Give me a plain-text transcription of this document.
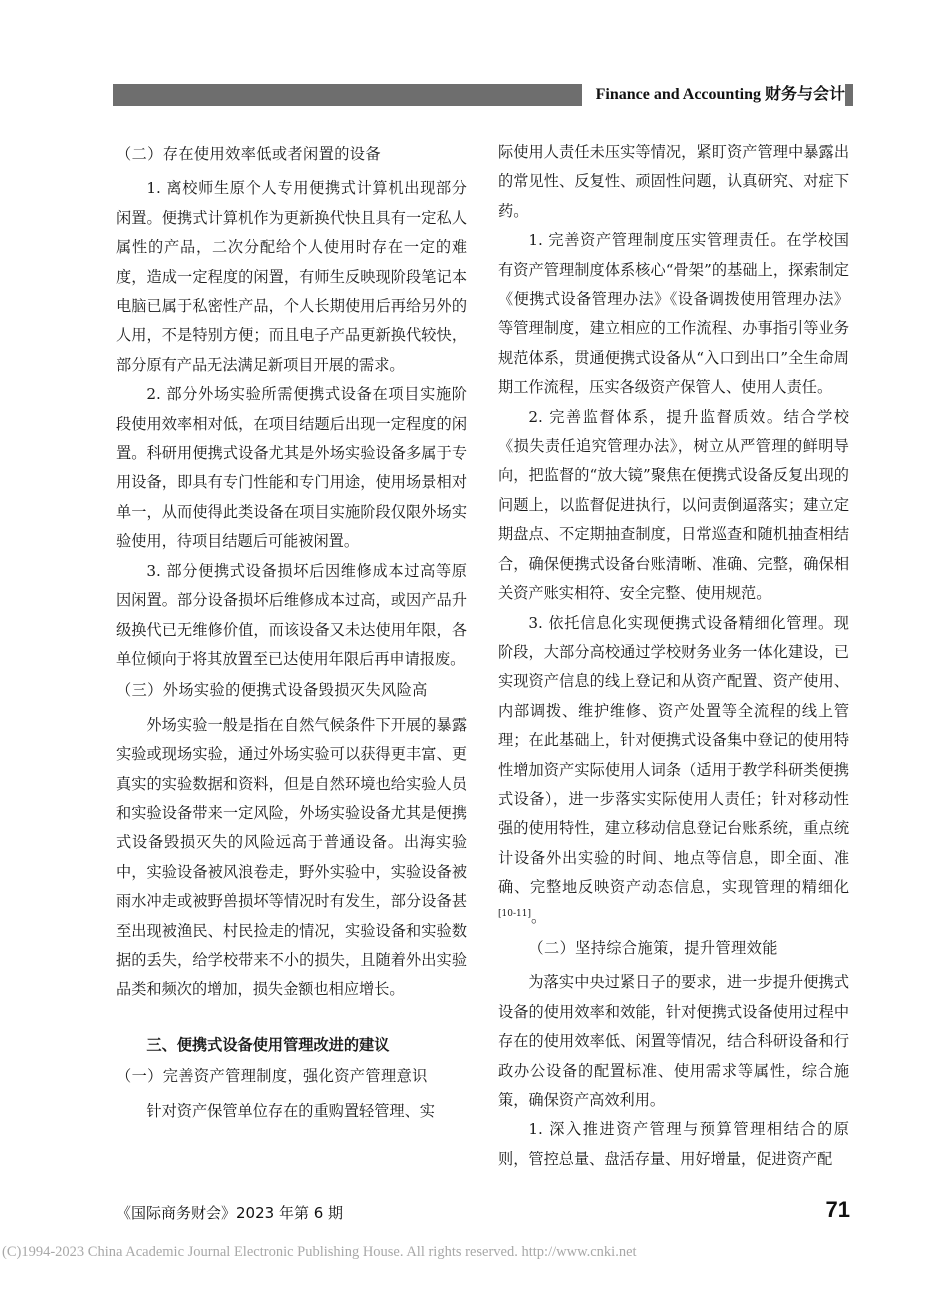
Finance and Accounting 财务与会计

（二）存在使用效率低或者闲置的设备

1. 离校师生原个人专用便携式计算机出现部分闲置。便携式计算机作为更新换代快且具有一定私人属性的产品，二次分配给个人使用时存在一定的难度，造成一定程度的闲置，有师生反映现阶段笔记本电脑已属于私密性产品，个人长期使用后再给另外的人用，不是特别方便；而且电子产品更新换代较快，部分原有产品无法满足新项目开展的需求。

2. 部分外场实验所需便携式设备在项目实施阶段使用效率相对低，在项目结题后出现一定程度的闲置。科研用便携式设备尤其是外场实验设备多属于专用设备，即具有专门性能和专门用途，使用场景相对单一，从而使得此类设备在项目实施阶段仅限外场实验使用，待项目结题后可能被闲置。

3. 部分便携式设备损坏后因维修成本过高等原因闲置。部分设备损坏后维修成本过高，或因产品升级换代已无维修价值，而该设备又未达使用年限，各单位倾向于将其放置至已达使用年限后再申请报废。

（三）外场实验的便携式设备毁损灭失风险高

外场实验一般是指在自然气候条件下开展的暴露实验或现场实验，通过外场实验可以获得更丰富、更真实的实验数据和资料，但是自然环境也给实验人员和实验设备带来一定风险，外场实验设备尤其是便携式设备毁损灭失的风险远高于普通设备。出海实验中，实验设备被风浪卷走，野外实验中，实验设备被雨水冲走或被野兽损坏等情况时有发生，部分设备甚至出现被渔民、村民捡走的情况，实验设备和实验数据的丢失，给学校带来不小的损失，且随着外出实验品类和频次的增加，损失金额也相应增长。

三、便携式设备使用管理改进的建议

（一）完善资产管理制度，强化资产管理意识

针对资产保管单位存在的重购置轻管理、实

际使用人责任未压实等情况，紧盯资产管理中暴露出的常见性、反复性、顽固性问题，认真研究、对症下药。

1. 完善资产管理制度压实管理责任。在学校国有资产管理制度体系核心“骨架”的基础上，探索制定《便携式设备管理办法》《设备调拨使用管理办法》等管理制度，建立相应的工作流程、办事指引等业务规范体系，贯通便携式设备从“入口到出口”全生命周期工作流程，压实各级资产保管人、使用人责任。

2. 完善监督体系，提升监督质效。结合学校《损失责任追究管理办法》，树立从严管理的鲜明导向，把监督的“放大镜”聚焦在便携式设备反复出现的问题上，以监督促进执行，以问责倒逼落实；建立定期盘点、不定期抽查制度，日常巡查和随机抽查相结合，确保便携式设备台账清晰、准确、完整，确保相关资产账实相符、安全完整、使用规范。

3. 依托信息化实现便携式设备精细化管理。现阶段，大部分高校通过学校财务业务一体化建设，已实现资产信息的线上登记和从资产配置、资产使用、内部调拨、维护维修、资产处置等全流程的线上管理；在此基础上，针对便携式设备集中登记的使用特性增加资产实际使用人词条（适用于教学科研类便携式设备），进一步落实实际使用人责任；针对移动性强的使用特性，建立移动信息登记台账系统，重点统计设备外出实验的时间、地点等信息，即全面、准确、完整地反映资产动态信息，实现管理的精细化[10-11]。

（二）坚持综合施策，提升管理效能

为落实中央过紧日子的要求，进一步提升便携式设备的使用效率和效能，针对便携式设备使用过程中存在的使用效率低、闲置等情况，结合科研设备和行政办公设备的配置标准、使用需求等属性，综合施策，确保资产高效利用。

1. 深入推进资产管理与预算管理相结合的原则，管控总量、盘活存量、用好增量，促进资产配

《国际商务财会》2023 年第 6 期	71
(C)1994-2023 China Academic Journal Electronic Publishing House. All rights reserved. http://www.cnki.net
